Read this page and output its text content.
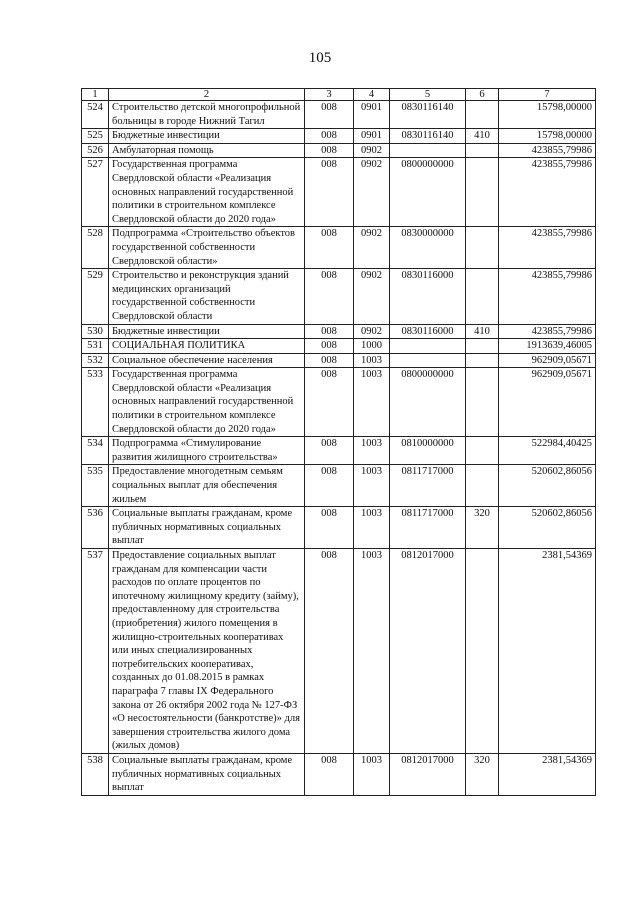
105
1	2	3	4	5	6	7
524	Строительство детской многопрофильной больницы в городе Нижний Тагил	008	0901	0830116140		15798,00000
525	Бюджетные инвестиции	008	0901	0830116140	410	15798,00000
526	Амбулаторная помощь	008	0902			423855,79986
527	Государственная программа Свердловской области «Реализация основных направлений государственной политики в строительном комплексе Свердловской области до 2020 года»	008	0902	0800000000		423855,79986
528	Подпрограмма «Строительство объектов государственной собственности Свердловской области»	008	0902	0830000000		423855,79986
529	Строительство и реконструкция зданий медицинских организаций государственной собственности Свердловской области	008	0902	0830116000		423855,79986
530	Бюджетные инвестиции	008	0902	0830116000	410	423855,79986
531	СОЦИАЛЬНАЯ ПОЛИТИКА	008	1000			1913639,46005
532	Социальное обеспечение населения	008	1003			962909,05671
533	Государственная программа Свердловской области «Реализация основных направлений государственной политики в строительном комплексе Свердловской области до 2020 года»	008	1003	0800000000		962909,05671
534	Подпрограмма «Стимулирование развития жилищного строительства»	008	1003	0810000000		522984,40425
535	Предоставление многодетным семьям социальных выплат для обеспечения жильем	008	1003	0811717000		520602,86056
536	Социальные выплаты гражданам, кроме публичных нормативных социальных выплат	008	1003	0811717000	320	520602,86056
537	Предоставление социальных выплат гражданам для компенсации части расходов по оплате процентов по ипотечному жилищному кредиту (займу), предоставленному для строительства (приобретения) жилого помещения в жилищно-строительных кооперативах или иных специализированных потребительских кооперативах, созданных до 01.08.2015 в рамках параграфа 7 главы IX Федерального закона от 26 октября 2002 года № 127-ФЗ «О несостоятельности (банкротстве)» для завершения строительства жилого дома (жилых домов)	008	1003	0812017000		2381,54369
538	Социальные выплаты гражданам, кроме публичных нормативных социальных выплат	008	1003	0812017000	320	2381,54369
